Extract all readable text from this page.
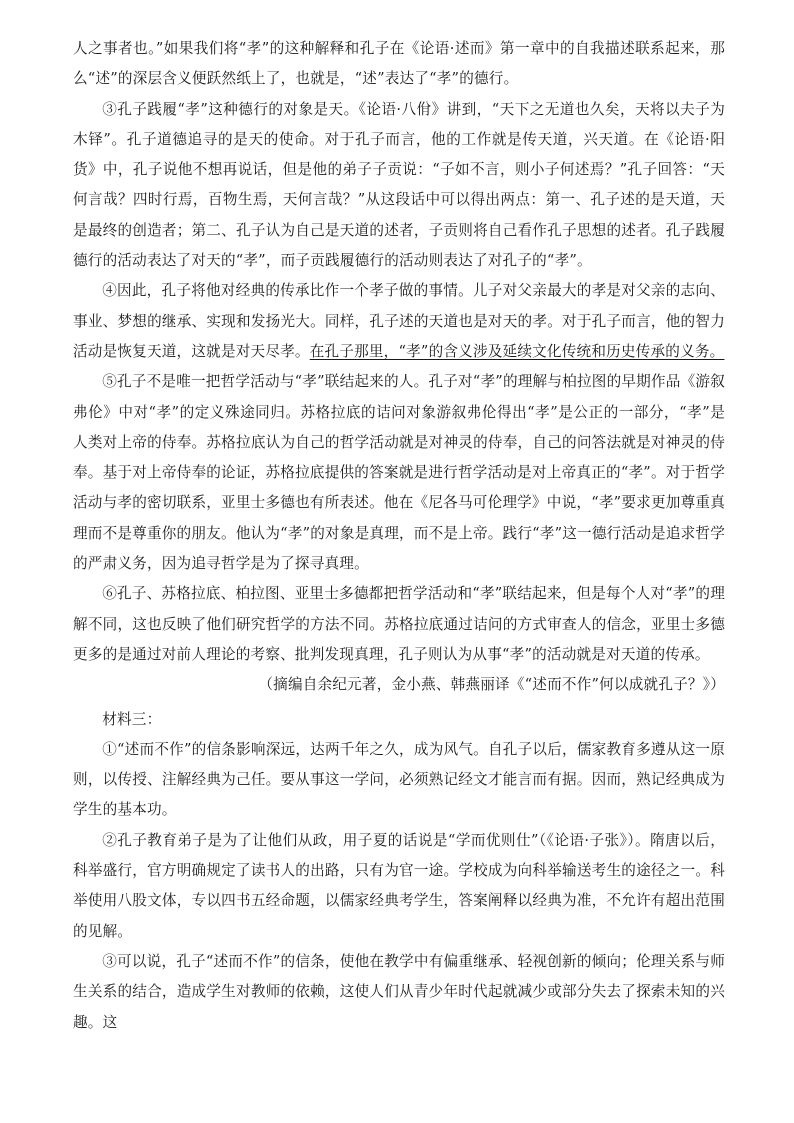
人之事者也。”如果我们将“孝”的这种解释和孔子在《论语·述而》第一章中的自我描述联系起来，那么“述”的深层含义便跃然纸上了，也就是，“述”表达了“孝”的德行。

③孔子践履“孝”这种德行的对象是天。《论语·八佾》讲到，“天下之无道也久矣，天将以夫子为木铎”。孔子道德追寻的是天的使命。对于孔子而言，他的工作就是传天道，兴天道。在《论语·阳货》中，孔子说他不想再说话，但是他的弟子子贡说：“子如不言，则小子何述焉？”孔子回答：“天何言哉？四时行焉，百物生焉，天何言哉？”从这段话中可以得出两点：第一、孔子述的是天道，天是最终的创造者；第二、孔子认为自己是天道的述者，子贡则将自己看作孔子思想的述者。孔子践履德行的活动表达了对天的“孝”，而子贡践履德行的活动则表达了对孔子的“孝”。

④因此，孔子将他对经典的传承比作一个孝子做的事情。儿子对父亲最大的孝是对父亲的志向、事业、梦想的继承、实现和发扬光大。同样，孔子述的天道也是对天的孝。对于孔子而言，他的智力活动是恢复天道，这就是对天尽孝。在孔子那里，“孝”的含义涉及延续文化传统和历史传承的义务。

⑤孔子不是唯一把哲学活动与“孝”联结起来的人。孔子对“孝”的理解与柏拉图的早期作品《游叙弗伦》中对“孝”的定义殊途同归。苏格拉底的诘问对象游叙弗伦得出“孝”是公正的一部分，“孝”是人类对上帝的侍奉。苏格拉底认为自己的哲学活动就是对神灵的侍奉，自己的问答法就是对神灵的侍奉。基于对上帝侍奉的论证，苏格拉底提供的答案就是进行哲学活动是对上帝真正的“孝”。对于哲学活动与孝的密切联系，亚里士多德也有所表述。他在《尼各马可伦理学》中说，“孝”要求更加尊重真理而不是尊重你的朋友。他认为“孝”的对象是真理，而不是上帝。践行“孝”这一德行活动是追求哲学的严肃义务，因为追寻哲学是为了探寻真理。

⑥孔子、苏格拉底、柏拉图、亚里士多德都把哲学活动和“孝”联结起来，但是每个人对“孝”的理解不同，这也反映了他们研究哲学的方法不同。苏格拉底通过诘问的方式审查人的信念，亚里士多德更多的是通过对前人理论的考察、批判发现真理，孔子则认为从事“孝”的活动就是对天道的传承。

（摘编自余纪元著，金小燕、韩燕丽译《“述而不作”何以成就孔子？》）

材料三：

①“述而不作”的信条影响深远，达两千年之久，成为风气。自孔子以后，儒家教育多遵从这一原则，以传授、注解经典为己任。要从事这一学问，必须熟记经文才能言而有据。因而，熟记经典成为学生的基本功。

②孔子教育弟子是为了让他们从政，用子夏的话说是“学而优则仕”（《论语·子张》）。隋唐以后，科举盛行，官方明确规定了读书人的出路，只有为官一途。学校成为向科举输送考生的途径之一。科举使用八股文体，专以四书五经命题，以儒家经典考学生，答案阐释以经典为准，不允许有超出范围的见解。

③可以说，孔子“述而不作”的信条，使他在教学中有偏重继承、轻视创新的倾向；伦理关系与师生关系的结合，造成学生对教师的依赖，这使人们从青少年时代起就减少或部分失去了探索未知的兴趣。这
